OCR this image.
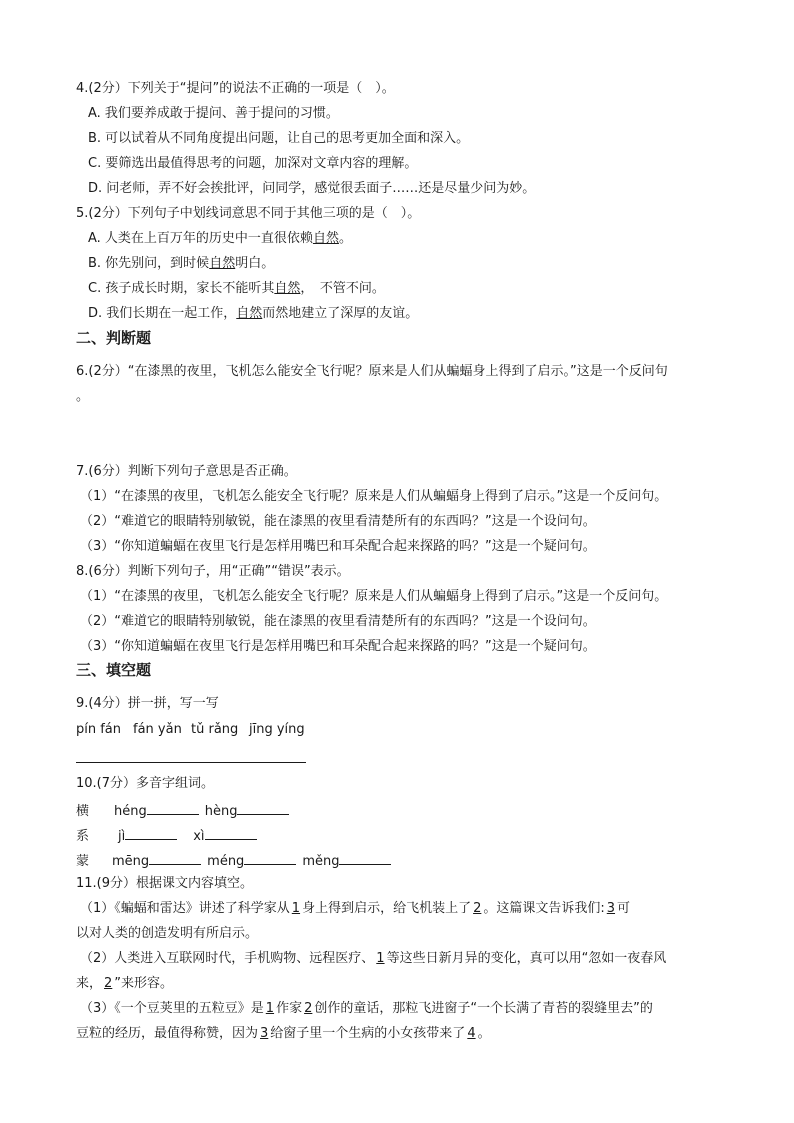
4.(2分）下列关于“提问”的说法不正确的一项是（　）。
A. 我们要养成敢于提问、善于提问的习惯。
B. 可以试着从不同角度提出问题，让自己的思考更加全面和深入。
C. 要筛选出最值得思考的问题，加深对文章内容的理解。
D. 问老师，弄不好会挨批评，问同学，感觉很丢面子……还是尽量少问为妙。
5.(2分）下列句子中划线词意思不同于其他三项的是（　）。
A. 人类在上百万年的历史中一直很依赖自然。
B. 你先别问，到时候自然明白。
C. 孩子成长时期，家长不能听其自然，　不管不问。
D. 我们长期在一起工作，自然而然地建立了深厚的友谊。
二、判断题
6.(2分）“在漆黑的夜里，飞机怎么能安全飞行呢？原来是人们从蝙蝠身上得到了启示。”这是一个反问句
。
7.(6分）判断下列句子意思是否正确。
（1）“在漆黑的夜里，飞机怎么能安全飞行呢？原来是人们从蝙蝠身上得到了启示。”这是一个反问句。
（2）“难道它的眼睛特别敏锐，能在漆黑的夜里看清楚所有的东西吗？”这是一个设问句。
（3）“你知道蝙蝠在夜里飞行是怎样用嘴巴和耳朵配合起来探路的吗？”这是一个疑问句。
8.(6分）判断下列句子，用“正确”“错误”表示。
（1）“在漆黑的夜里，飞机怎么能安全飞行呢？原来是人们从蝙蝠身上得到了启示。”这是一个反问句。
（2）“难道它的眼睛特别敏锐，能在漆黑的夜里看清楚所有的东西吗？”这是一个设问句。
（3）“你知道蝙蝠在夜里飞行是怎样用嘴巴和耳朵配合起来探路的吗？”这是一个疑问句。
三、填空题
9.(4分）拼一拼，写一写
pín fán fán yǎn tǔ rǎng jīng yíng
10.(7分）多音字组词。
横 héng	hèng
系 jì	xì
蒙 mēng	méng	měng
11.(9分）根据课文内容填空。
（1）《蝙蝠和雷达》讲述了科学家从 1 身上得到启示，给飞机装上了 2 。这篇课文告诉我们: 3 可
以对人类的创造发明有所启示。
（2）人类进入互联网时代，手机购物、远程医疗、 1 等这些日新月异的变化，真可以用“忽如一夜春风
来， 2 ”来形容。
（3）《一个豆荚里的五粒豆》是 1 作家 2 创作的童话，那粒飞进窗子“一个长满了青苔的裂缝里去”的
豆粒的经历，最值得称赞，因为 3 给窗子里一个生病的小女孩带来了 4 。
